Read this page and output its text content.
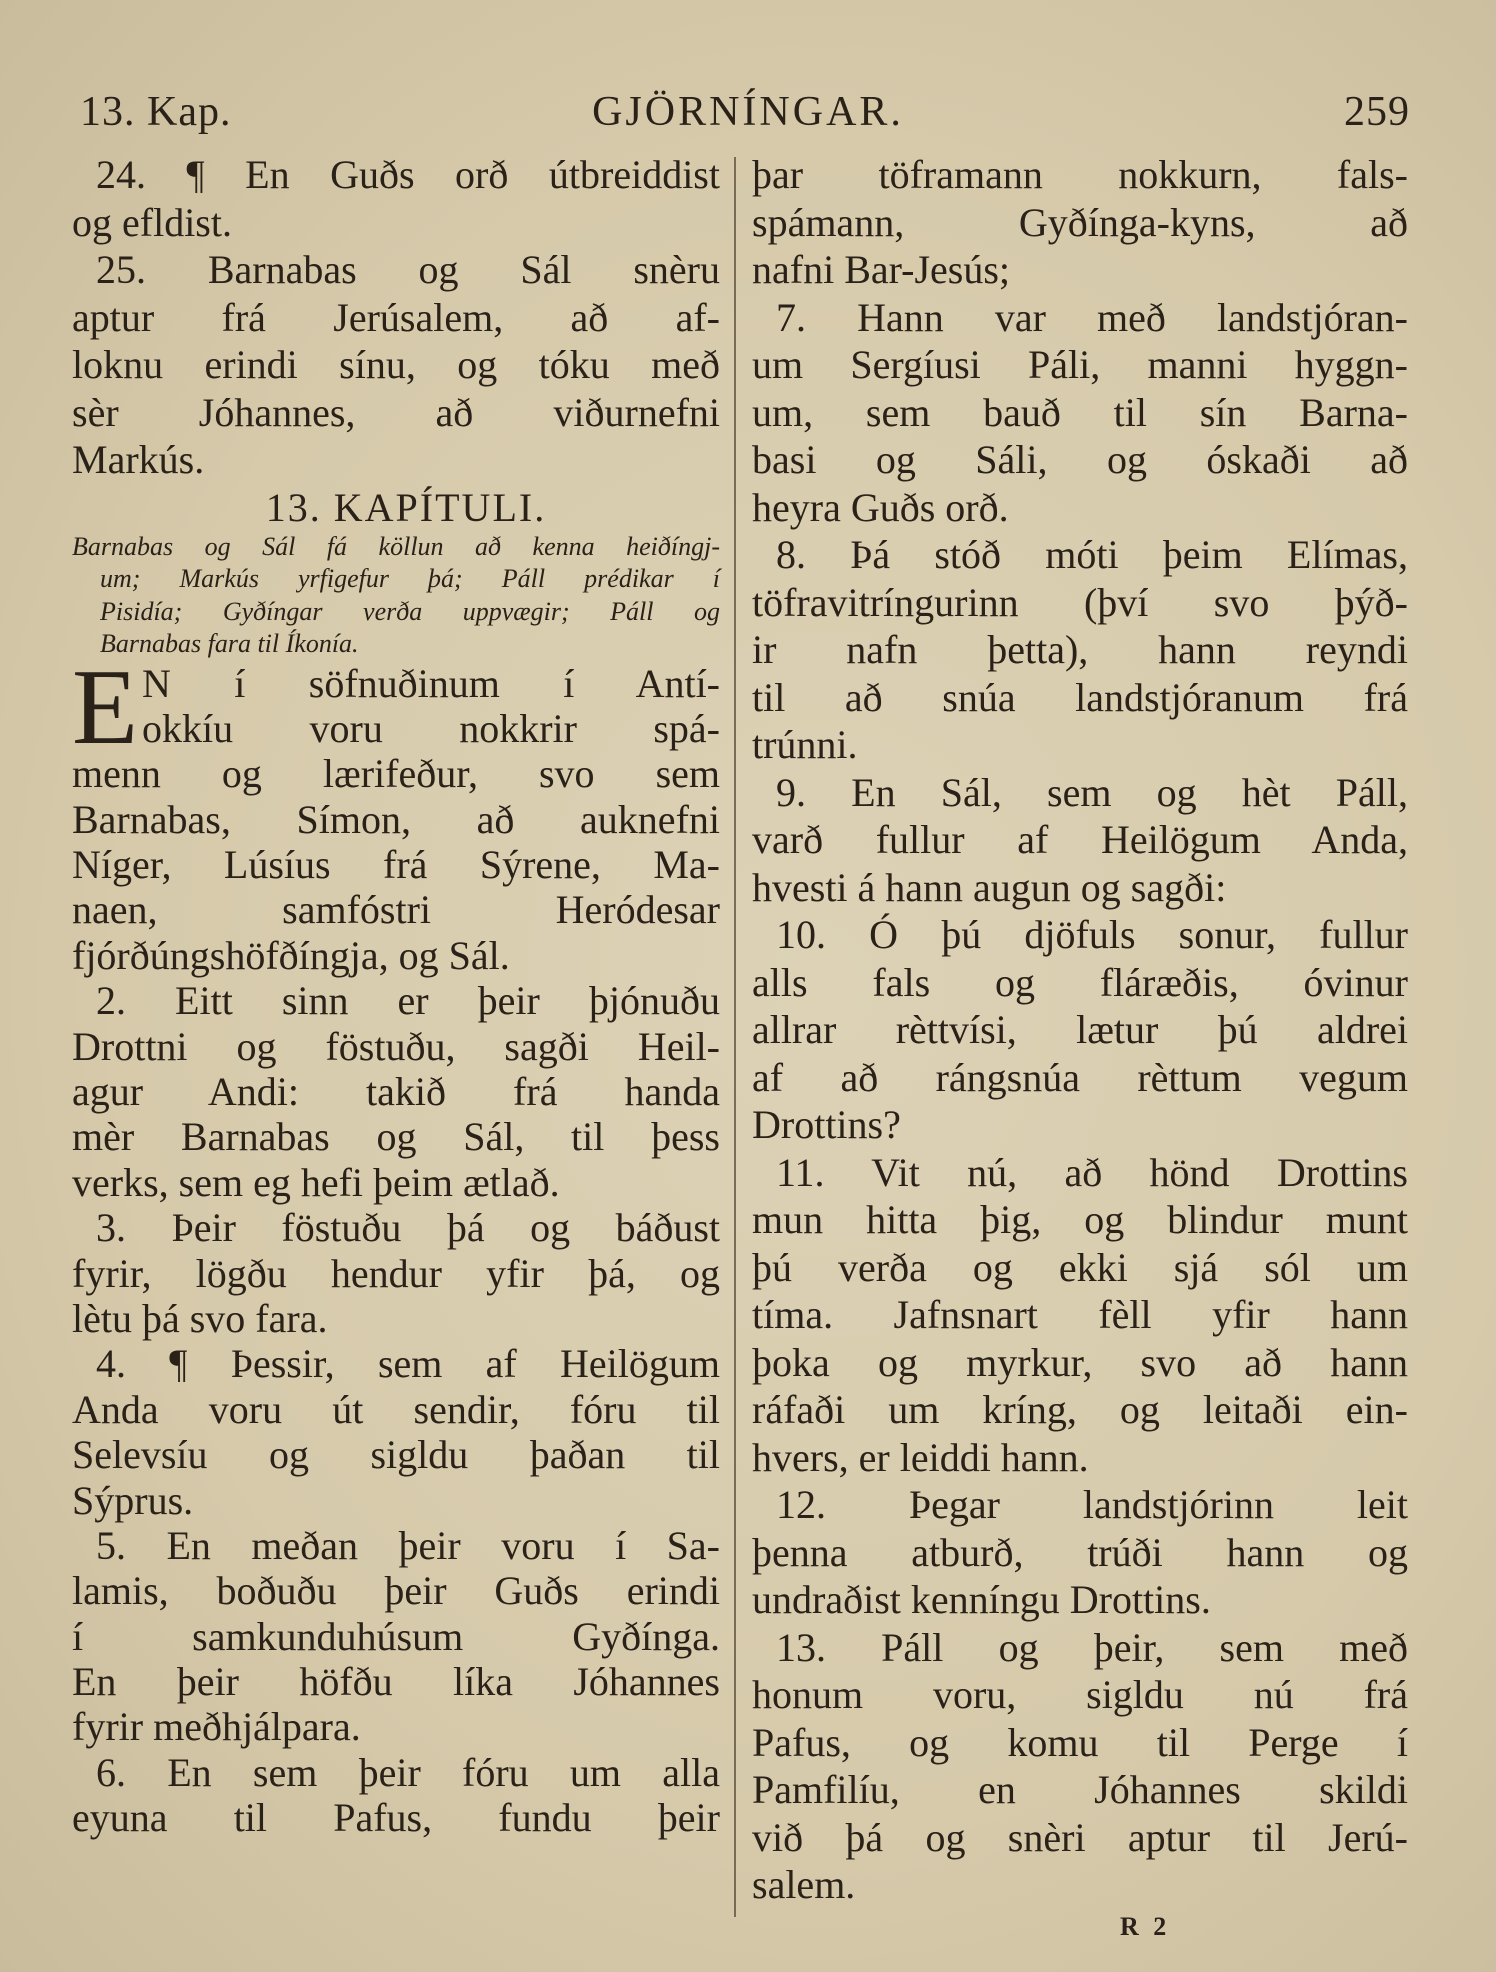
13. Kap.	GJÖRNÍNGAR.	259
24. ¶ En Guðs orð útbreiddist
og efldist.
25. Barnabas og Sál snèru
aptur frá Jerúsalem, að af-
loknu erindi sínu, og tóku með
sèr Jóhannes, að viðurnefni
Markús.
13. KAPÍTULI.
Barnabas og Sál fá köllun að kenna heiðíngj-
um; Markús yrfigefur þá; Páll prédikar í
Pisidía; Gyðíngar verða uppvægir; Páll og
Barnabas fara til Íkonía.
E N í söfnuðinum í Antí-
okkíu voru nokkrir spá-
menn og lærifeður, svo sem
Barnabas, Símon, að auknefni
Níger, Lúsíus frá Sýrene, Ma-
naen, samfóstri Heródesar
fjórðúngshöfðíngja, og Sál.
2. Eitt sinn er þeir þjónuðu
Drottni og föstuðu, sagði Heil-
agur Andi: takið frá handa
mèr Barnabas og Sál, til þess
verks, sem eg hefi þeim ætlað.
3. Þeir föstuðu þá og báðust
fyrir, lögðu hendur yfir þá, og
lètu þá svo fara.
4. ¶ Þessir, sem af Heilögum
Anda voru út sendir, fóru til
Selevsíu og sigldu þaðan til
Sýprus.
5. En meðan þeir voru í Sa-
lamis, boðuðu þeir Guðs erindi
í samkunduhúsum Gyðínga.
En þeir höfðu líka Jóhannes
fyrir meðhjálpara.
6. En sem þeir fóru um alla
eyuna til Pafus, fundu þeir
þar töframann nokkurn, fals-
spámann, Gyðínga-kyns, að
nafni Bar-Jesús;
7. Hann var með landstjóran-
um Sergíusi Páli, manni hyggn-
um, sem bauð til sín Barna-
basi og Sáli, og óskaði að
heyra Guðs orð.
8. Þá stóð móti þeim Elímas,
töfravitríngurinn (því svo þýð-
ir nafn þetta), hann reyndi
til að snúa landstjóranum frá
trúnni.
9. En Sál, sem og hèt Páll,
varð fullur af Heilögum Anda,
hvesti á hann augun og sagði:
10. Ó þú djöfuls sonur, fullur
alls fals og fláræðis, óvinur
allrar rèttvísi, lætur þú aldrei
af að rángsnúa rèttum vegum
Drottins?
11. Vit nú, að hönd Drottins
mun hitta þig, og blindur munt
þú verða og ekki sjá sól um
tíma. Jafnsnart fèll yfir hann
þoka og myrkur, svo að hann
ráfaði um kríng, og leitaði ein-
hvers, er leiddi hann.
12. Þegar landstjórinn leit
þenna atburð, trúði hann og
undraðist kenníngu Drottins.
13. Páll og þeir, sem með
honum voru, sigldu nú frá
Pafus, og komu til Perge í
Pamfilíu, en Jóhannes skildi
við þá og snèri aptur til Jerú-
salem.
R 2
